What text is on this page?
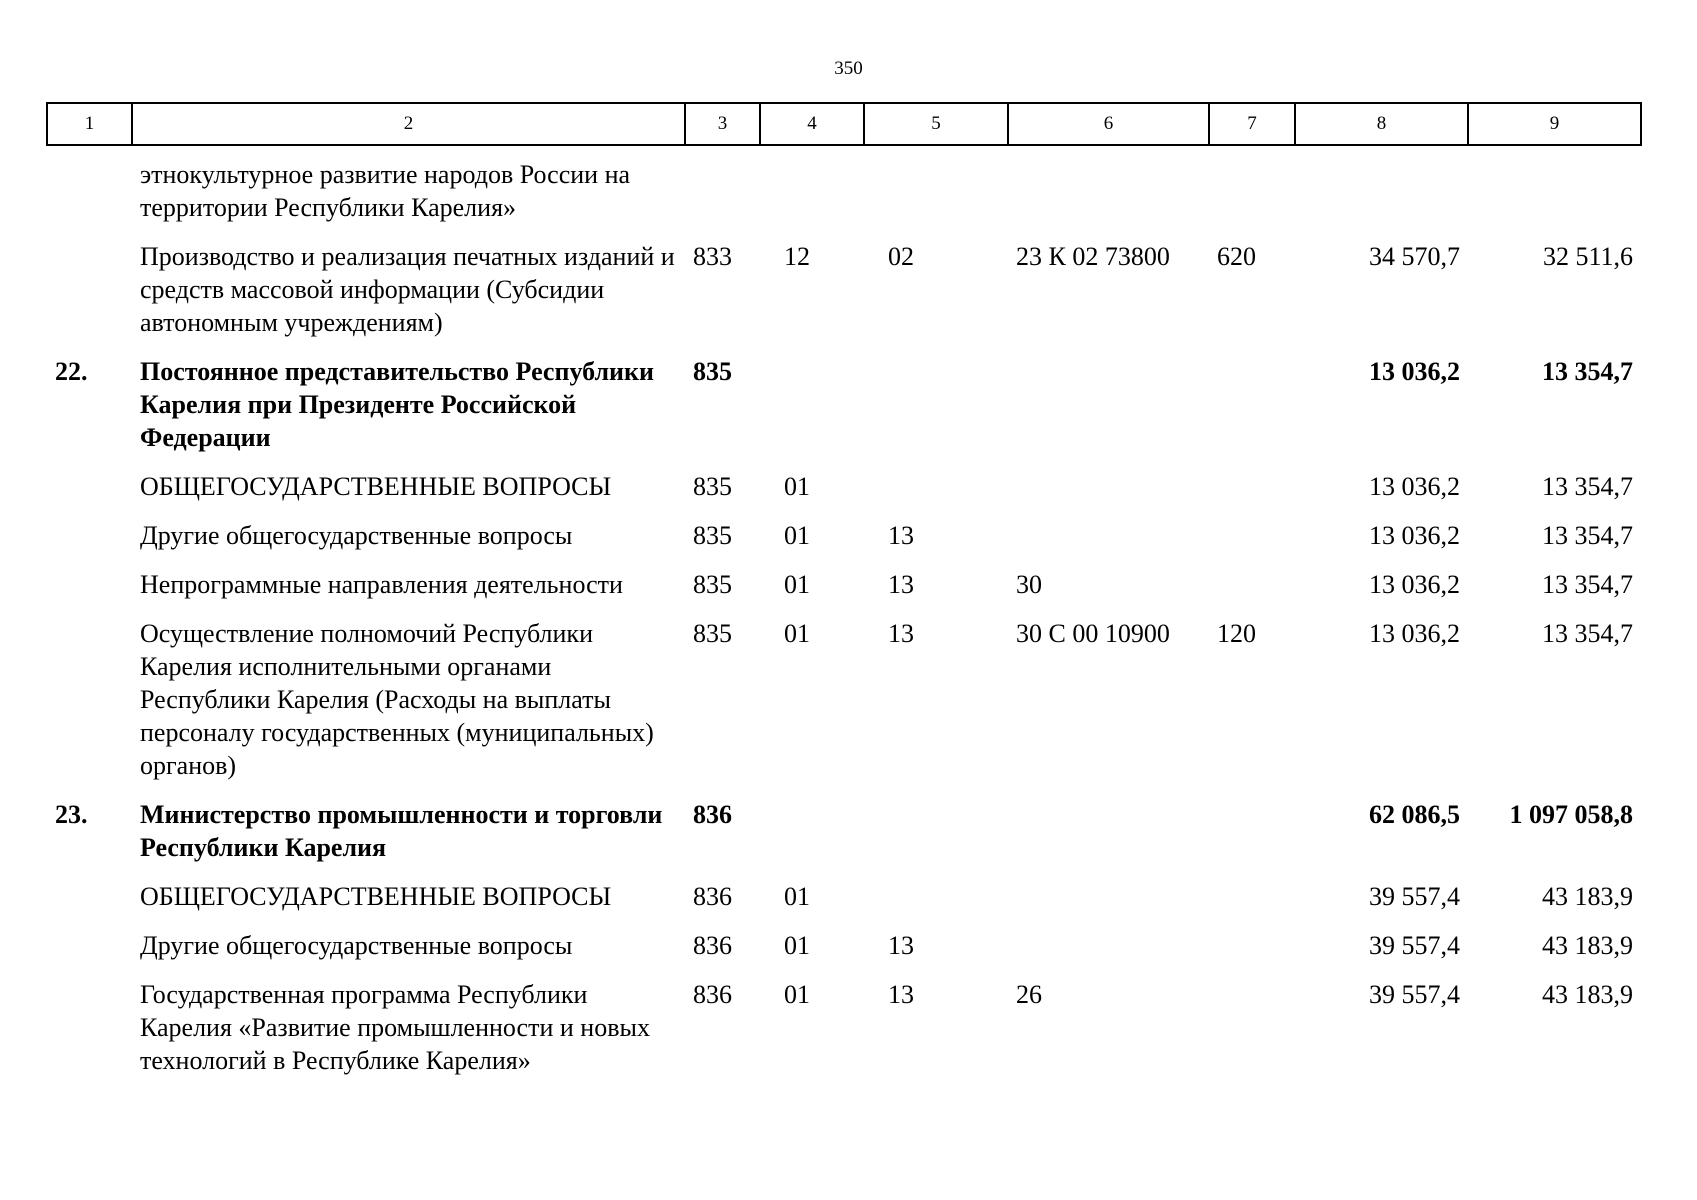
350
1	2	3	4	5	6	7	8	9
	этнокультурное развитие народов России на территории Республики Карелия»							
	Производство и реализация печатных изданий и средств массовой информации (Субсидии автономным учреждениям)	833	12	02	23 К 02 73800	620	34 570,7	32 511,6
22.	Постоянное представительство Республики Карелия при Президенте Российской Федерации	835					13 036,2	13 354,7
	ОБЩЕГОСУДАРСТВЕННЫЕ ВОПРОСЫ	835	01				13 036,2	13 354,7
	Другие общегосударственные вопросы	835	01	13			13 036,2	13 354,7
	Непрограммные направления деятельности	835	01	13	30		13 036,2	13 354,7
	Осуществление полномочий Республики Карелия исполнительными органами Республики Карелия (Расходы на выплаты персоналу государственных (муниципальных) органов)	835	01	13	30 С 00 10900	120	13 036,2	13 354,7
23.	Министерство промышленности и торговли Республики Карелия	836					62 086,5	1 097 058,8
	ОБЩЕГОСУДАРСТВЕННЫЕ ВОПРОСЫ	836	01				39 557,4	43 183,9
	Другие общегосударственные вопросы	836	01	13			39 557,4	43 183,9
	Государственная программа Республики Карелия «Развитие промышленности и новых технологий в Республике Карелия»	836	01	13	26		39 557,4	43 183,9
